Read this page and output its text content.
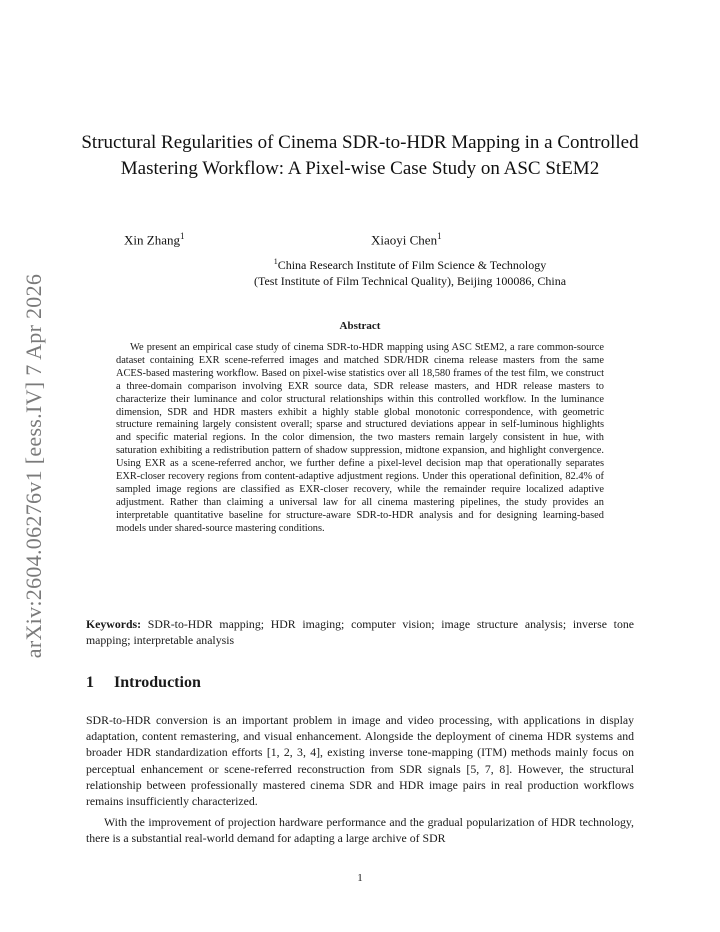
arXiv:2604.06276v1 [eess.IV] 7 Apr 2026
Structural Regularities of Cinema SDR-to-HDR Mapping in a Controlled Mastering Workflow: A Pixel-wise Case Study on ASC StEM2
Xin Zhang$^1$	Xiaoyi Chen$^1$
$^1$China Research Institute of Film Science & Technology
(Test Institute of Film Technical Quality), Beijing 100086, China
Abstract

We present an empirical case study of cinema SDR-to-HDR mapping using ASC StEM2, a rare common-source dataset containing EXR scene-referred images and matched SDR/HDR cinema release masters from the same ACES-based mastering workflow. Based on pixel-wise statistics over all 18,580 frames of the test film, we construct a three-domain comparison involving EXR source data, SDR release masters, and HDR release masters to characterize their luminance and color structural relationships within this controlled workflow. In the luminance dimension, SDR and HDR masters exhibit a highly stable global monotonic correspondence, with geometric structure remaining largely consistent overall; sparse and structured deviations appear in self-luminous highlights and specific material regions. In the color dimension, the two masters remain largely consistent in hue, with saturation exhibiting a redistribution pattern of shadow suppression, midtone expansion, and highlight convergence. Using EXR as a scene-referred anchor, we further define a pixel-level decision map that operationally separates EXR-closer recovery regions from content-adaptive adjustment regions. Under this operational definition, 82.4% of sampled image regions are classified as EXR-closer recovery, while the remainder require localized adaptive adjustment. Rather than claiming a universal law for all cinema mastering pipelines, the study provides an interpretable quantitative baseline for structure-aware SDR-to-HDR analysis and for designing learning-based models under shared-source mastering conditions.

Keywords: SDR-to-HDR mapping; HDR imaging; computer vision; image structure analysis; inverse tone mapping; interpretable analysis

1 Introduction

SDR-to-HDR conversion is an important problem in image and video processing, with applications in display adaptation, content remastering, and visual enhancement. Alongside the deployment of cinema HDR systems and broader HDR standardization efforts [1, 2, 3, 4], existing inverse tone-mapping (ITM) methods mainly focus on perceptual enhancement or scene-referred reconstruction from SDR signals [5, 7, 8]. However, the structural relationship between professionally mastered cinema SDR and HDR image pairs in real production workflows remains insufficiently characterized.

With the improvement of projection hardware performance and the gradual popularization of HDR technology, there is a substantial real-world demand for adapting a large archive of SDR

1
